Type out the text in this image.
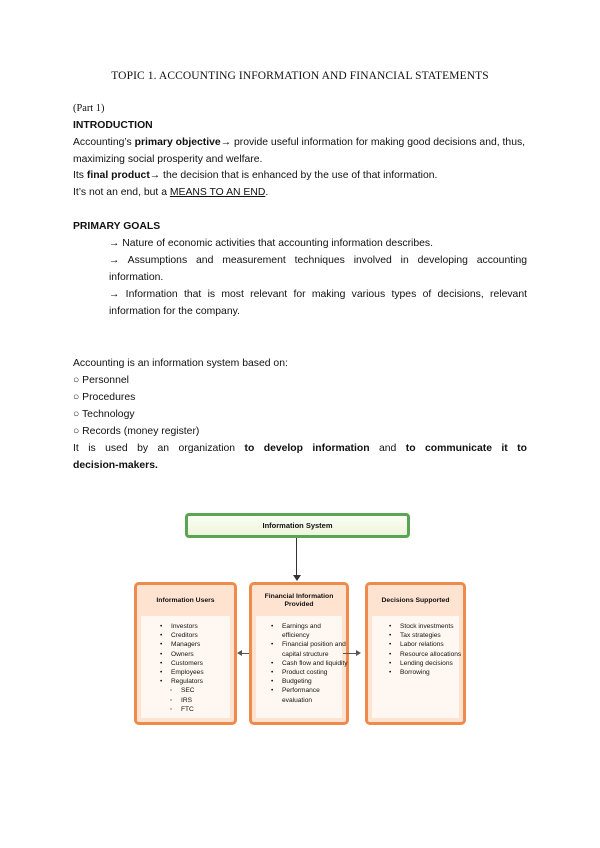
TOPIC 1. ACCOUNTING INFORMATION AND FINANCIAL STATEMENTS
(Part 1)
INTRODUCTION
Accounting’s primary objective→ provide useful information for making good decisions and, thus, maximizing social prosperity and welfare.
Its final product→ the decision that is enhanced by the use of that information.
It’s not an end, but a MEANS TO AN END.
PRIMARY GOALS
→ Nature of economic activities that accounting information describes.
→ Assumptions and measurement techniques involved in developing accounting information.
→ Information that is most relevant for making various types of decisions, relevant information for the company.
Accounting is an information system based on:
○ Personnel
○ Procedures
○ Technology
○ Records (money register)
It is used by an organization to develop information and to communicate it to decision-makers.
Information System
Information Users
• Investors
• Creditors
• Managers
• Owners
• Customers
• Employees
• Regulators
◦ SEC
◦ IRS
◦ FTC
Financial Information
Provided
• Earnings and efficiency
• Financial position and capital structure
• Cash flow and liquidity
• Product costing
• Budgeting
• Performance evaluation
Decisions Supported
• Stock investments
• Tax strategies
• Labor relations
• Resource allocations
• Lending decisions
• Borrowing
